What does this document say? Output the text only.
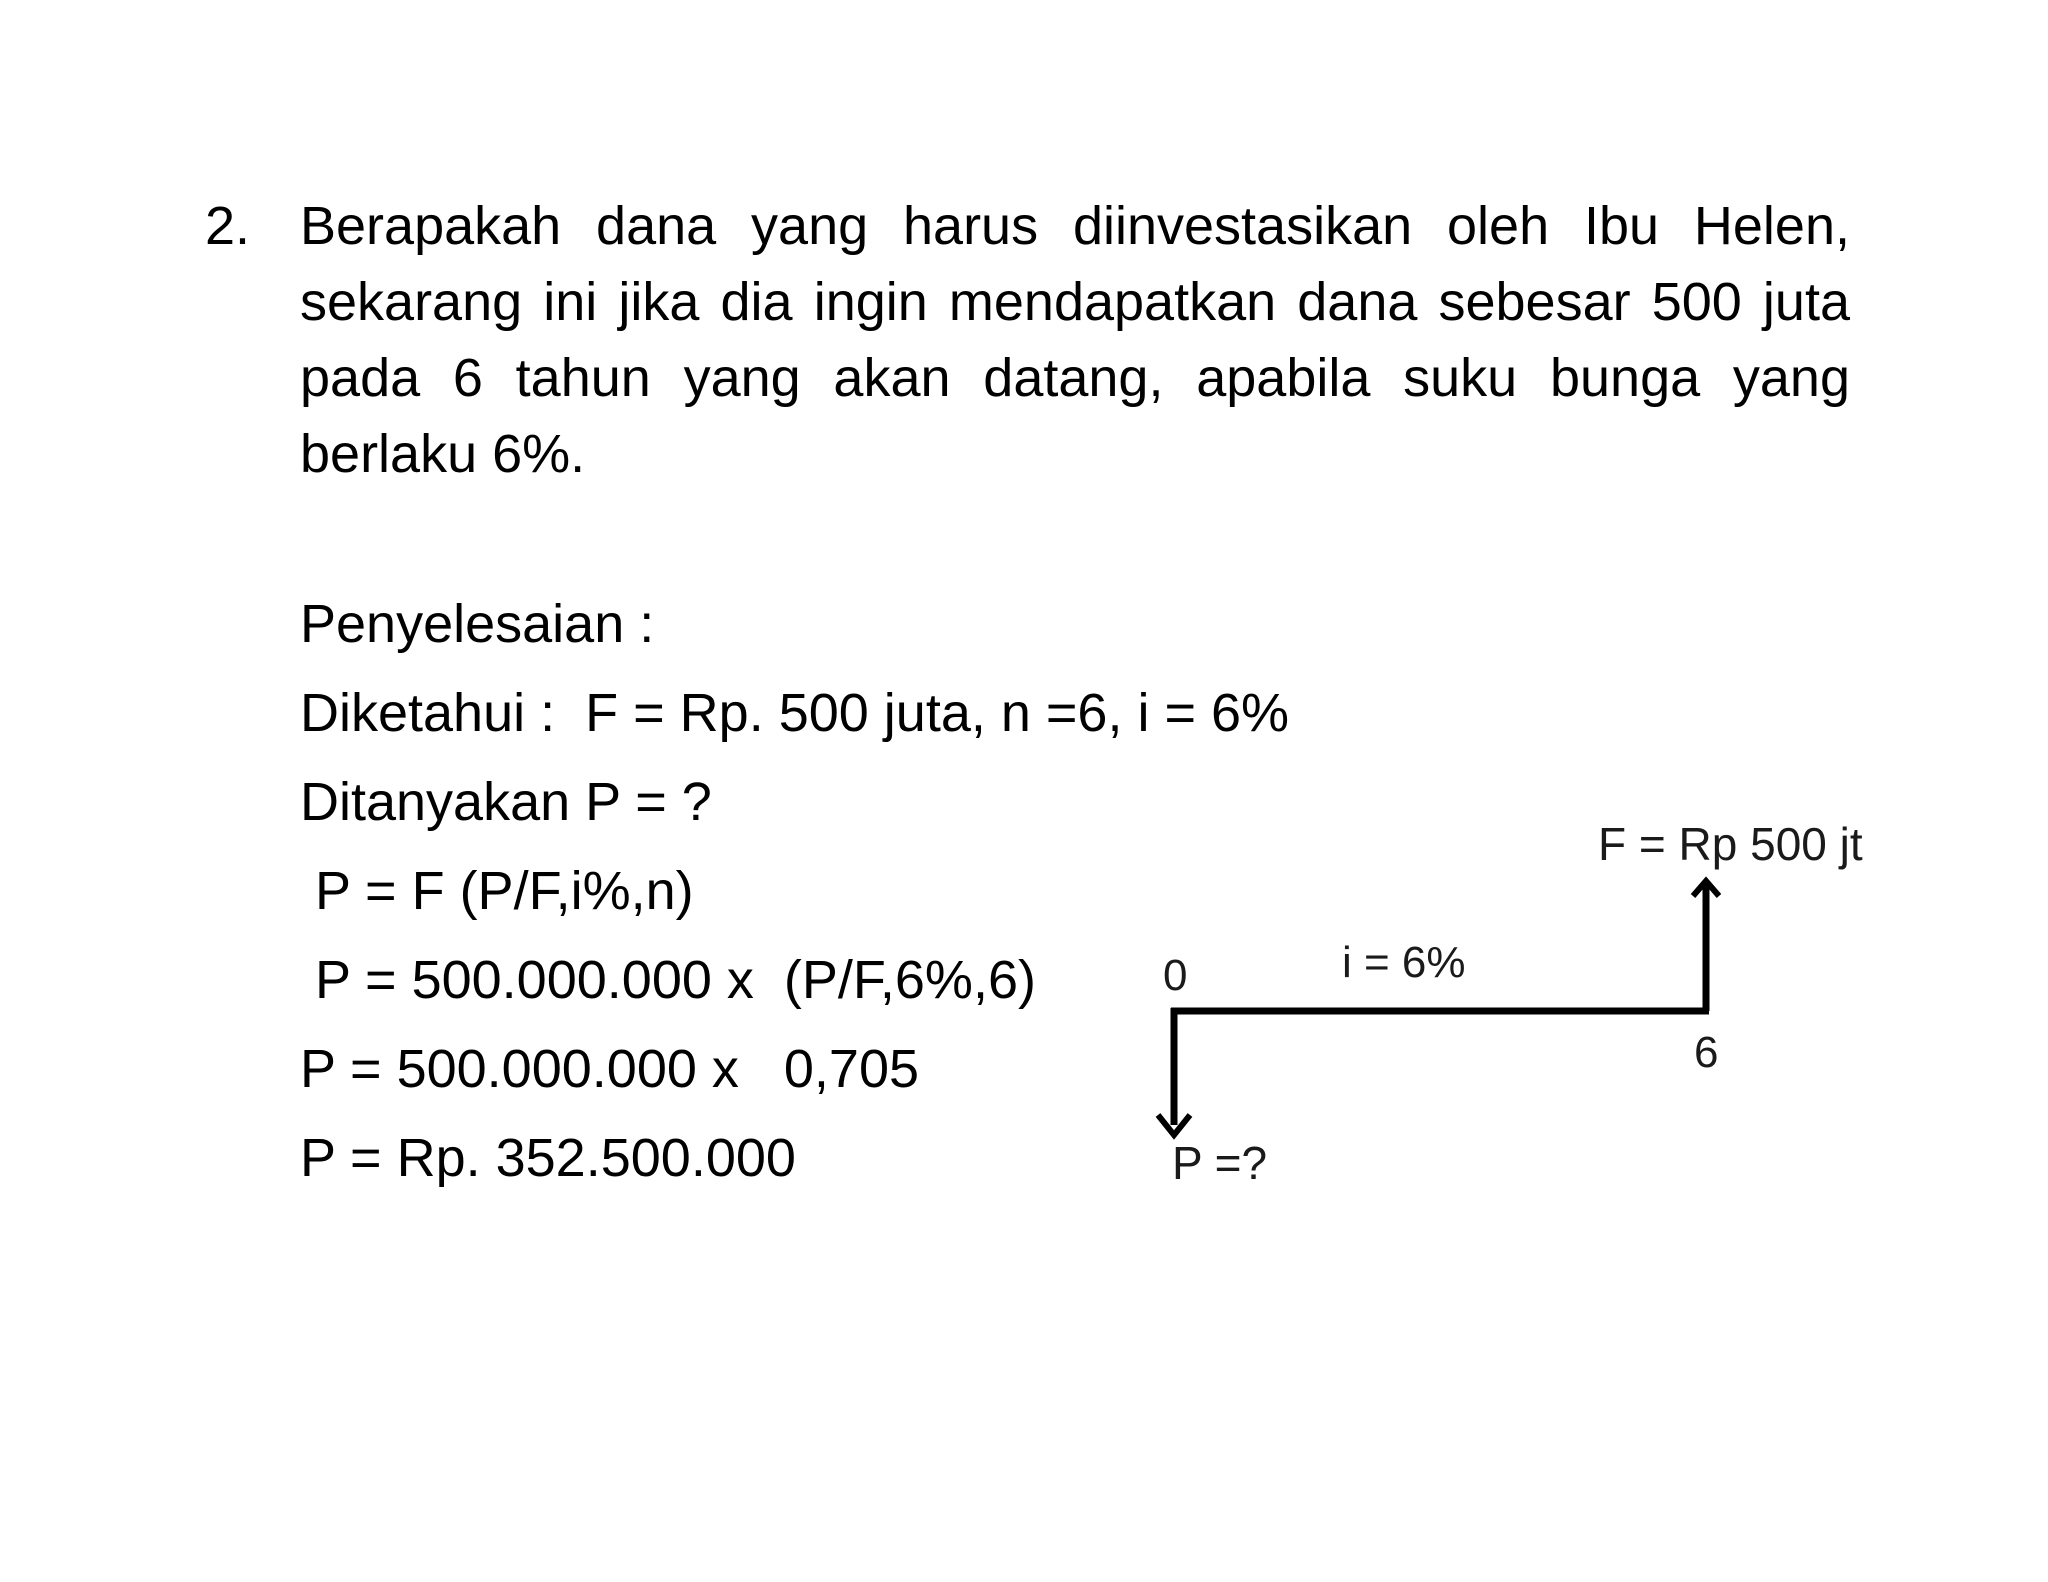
2. Berapakah dana yang harus diinvestasikan oleh Ibu Helen, sekarang ini jika dia ingin mendapatkan dana sebesar 500 juta pada 6 tahun yang akan datang, apabila suku bunga yang berlaku 6%.

Penyelesaian :
Diketahui :  F = Rp. 500 juta, n =6, i = 6%
Ditanyakan P = ?
P = F (P/F,i%,n)
P = 500.000.000 x  (P/F,6%,6)
P = 500.000.000 x   0,705
P = Rp. 352.500.000
F = Rp 500 jt
i = 6%
0
6
P =?
